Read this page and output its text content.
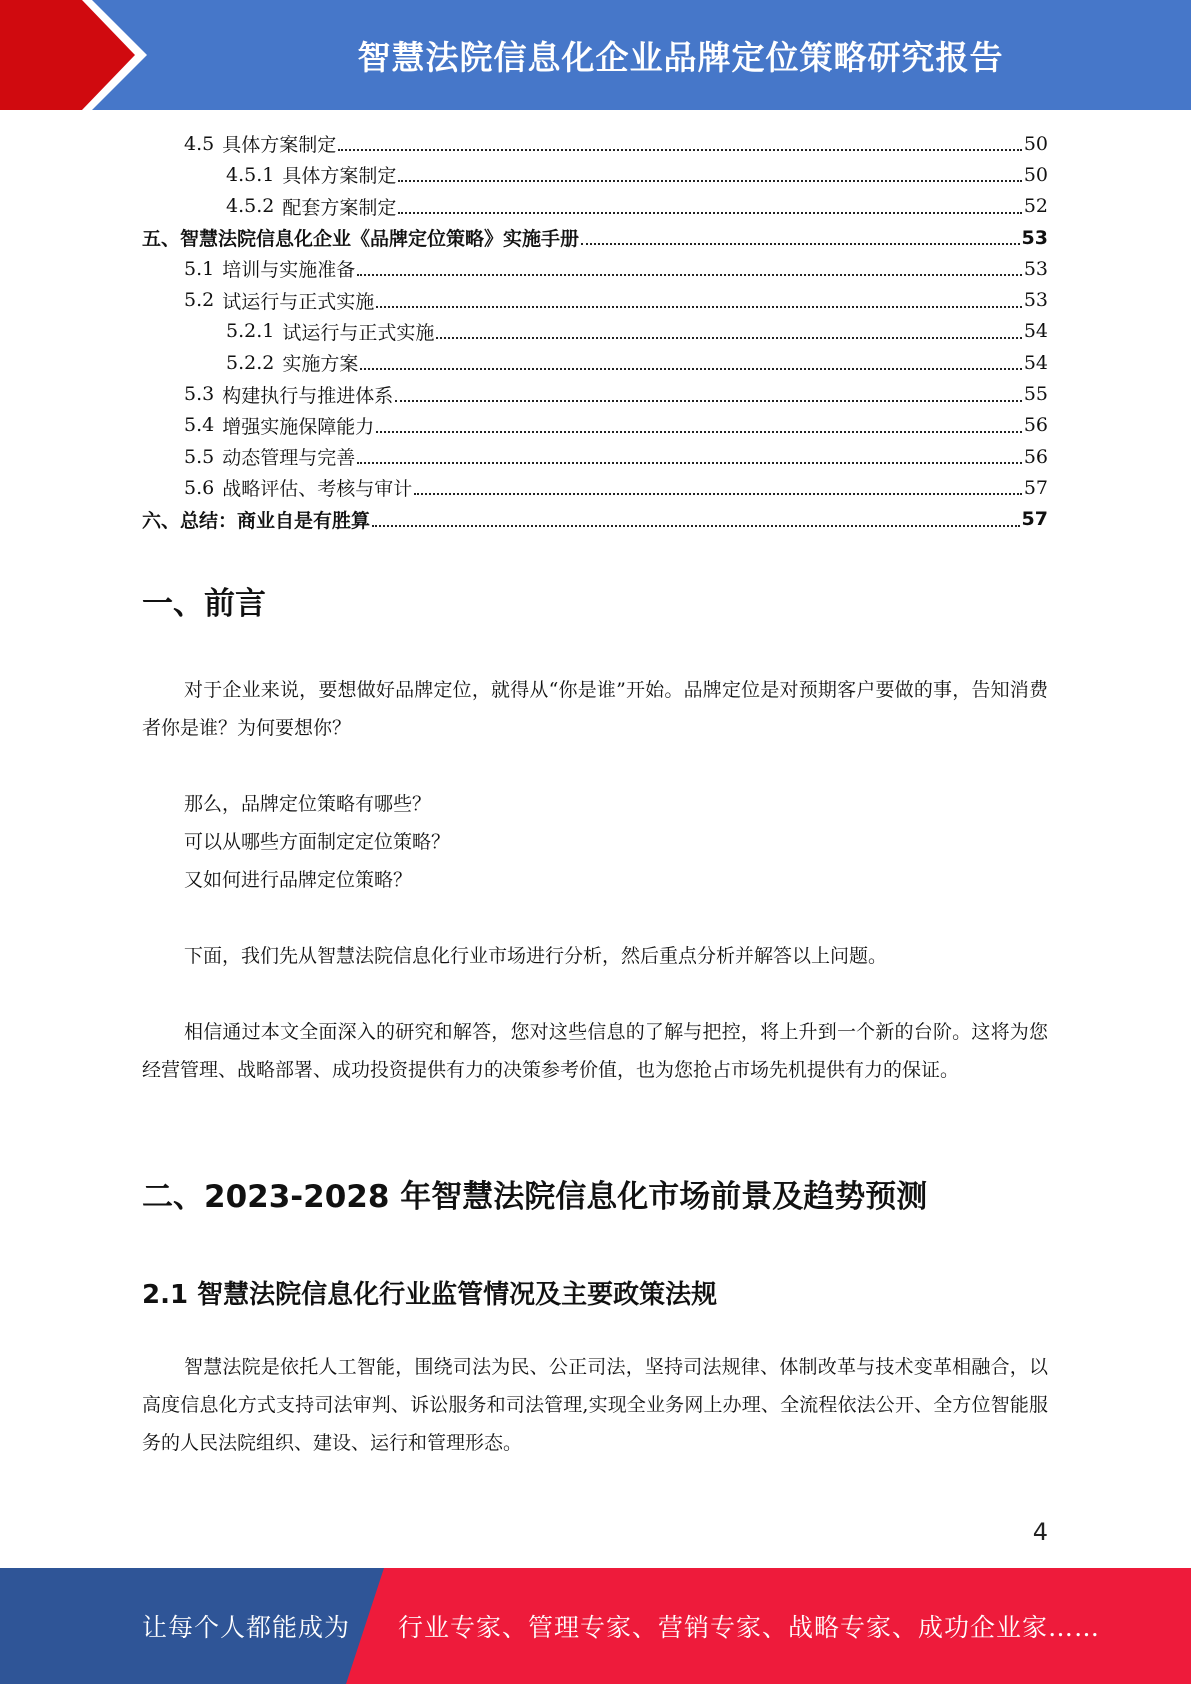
智慧法院信息化企业品牌定位策略研究报告
4.5 具体方案制定	50
4.5.1 具体方案制定	50
4.5.2 配套方案制定	52
五、智慧法院信息化企业《品牌定位策略》实施手册	53
5.1 培训与实施准备	53
5.2 试运行与正式实施	53
5.2.1 试运行与正式实施	54
5.2.2 实施方案	54
5.3 构建执行与推进体系	55
5.4 增强实施保障能力	56
5.5 动态管理与完善	56
5.6 战略评估、考核与审计	57
六、总结：商业自是有胜算	57
一、前言

对于企业来说，要想做好品牌定位，就得从“你是谁”开始。品牌定位是对预期客户要做的事，告知消费者你是谁？为何要想你？

那么，品牌定位策略有哪些？

可以从哪些方面制定定位策略？

又如何进行品牌定位策略？

下面，我们先从智慧法院信息化行业市场进行分析，然后重点分析并解答以上问题。

相信通过本文全面深入的研究和解答，您对这些信息的了解与把控，将上升到一个新的台阶。这将为您经营管理、战略部署、成功投资提供有力的决策参考价值，也为您抢占市场先机提供有力的保证。

二、2023-2028 年智慧法院信息化市场前景及趋势预测
2.1 智慧法院信息化行业监管情况及主要政策法规

智慧法院是依托人工智能，围绕司法为民、公正司法，坚持司法规律、体制改革与技术变革相融合，以高度信息化方式支持司法审判、诉讼服务和司法管理,实现全业务网上办理、全流程依法公开、全方位智能服务的人民法院组织、建设、运行和管理形态。

4
让每个人都能成为 行业专家、管理专家、营销专家、战略专家、成功企业家……
